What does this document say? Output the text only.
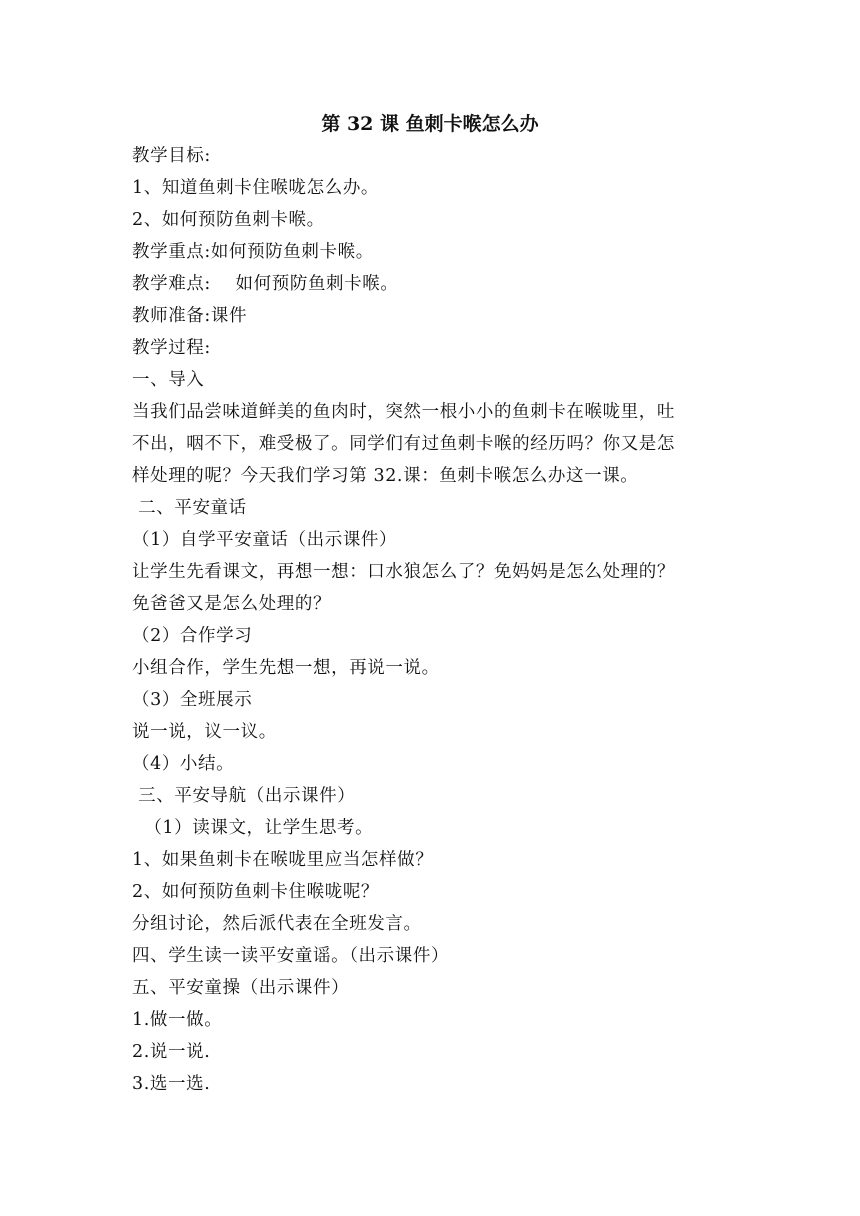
第 32 课 鱼刺卡喉怎么办
教学目标:
1、知道鱼刺卡住喉咙怎么办。
2、如何预防鱼刺卡喉。
教学重点:如何预防鱼刺卡喉。
教学难点:    如何预防鱼刺卡喉。
教师准备:课件
教学过程:
一、导入
当我们品尝味道鲜美的鱼肉时，突然一根小小的鱼刺卡在喉咙里，吐
不出，咽不下，难受极了。同学们有过鱼刺卡喉的经历吗？你又是怎
样处理的呢？今天我们学习第 32.课：鱼刺卡喉怎么办这一课。
二、平安童话
（1）自学平安童话（出示课件）
让学生先看课文，再想一想：口水狼怎么了？免妈妈是怎么处理的？
免爸爸又是怎么处理的？
（2）合作学习
小组合作，学生先想一想，再说一说。
（3）全班展示
说一说，议一议。
（4）小结。
三、平安导航（出示课件）
（1）读课文，让学生思考。
1、如果鱼刺卡在喉咙里应当怎样做？
2、如何预防鱼刺卡住喉咙呢？
分组讨论，然后派代表在全班发言。
四、学生读一读平安童谣。（出示课件）
五、平安童操（出示课件）
1.做一做。
2.说一说.
3.选一选.
